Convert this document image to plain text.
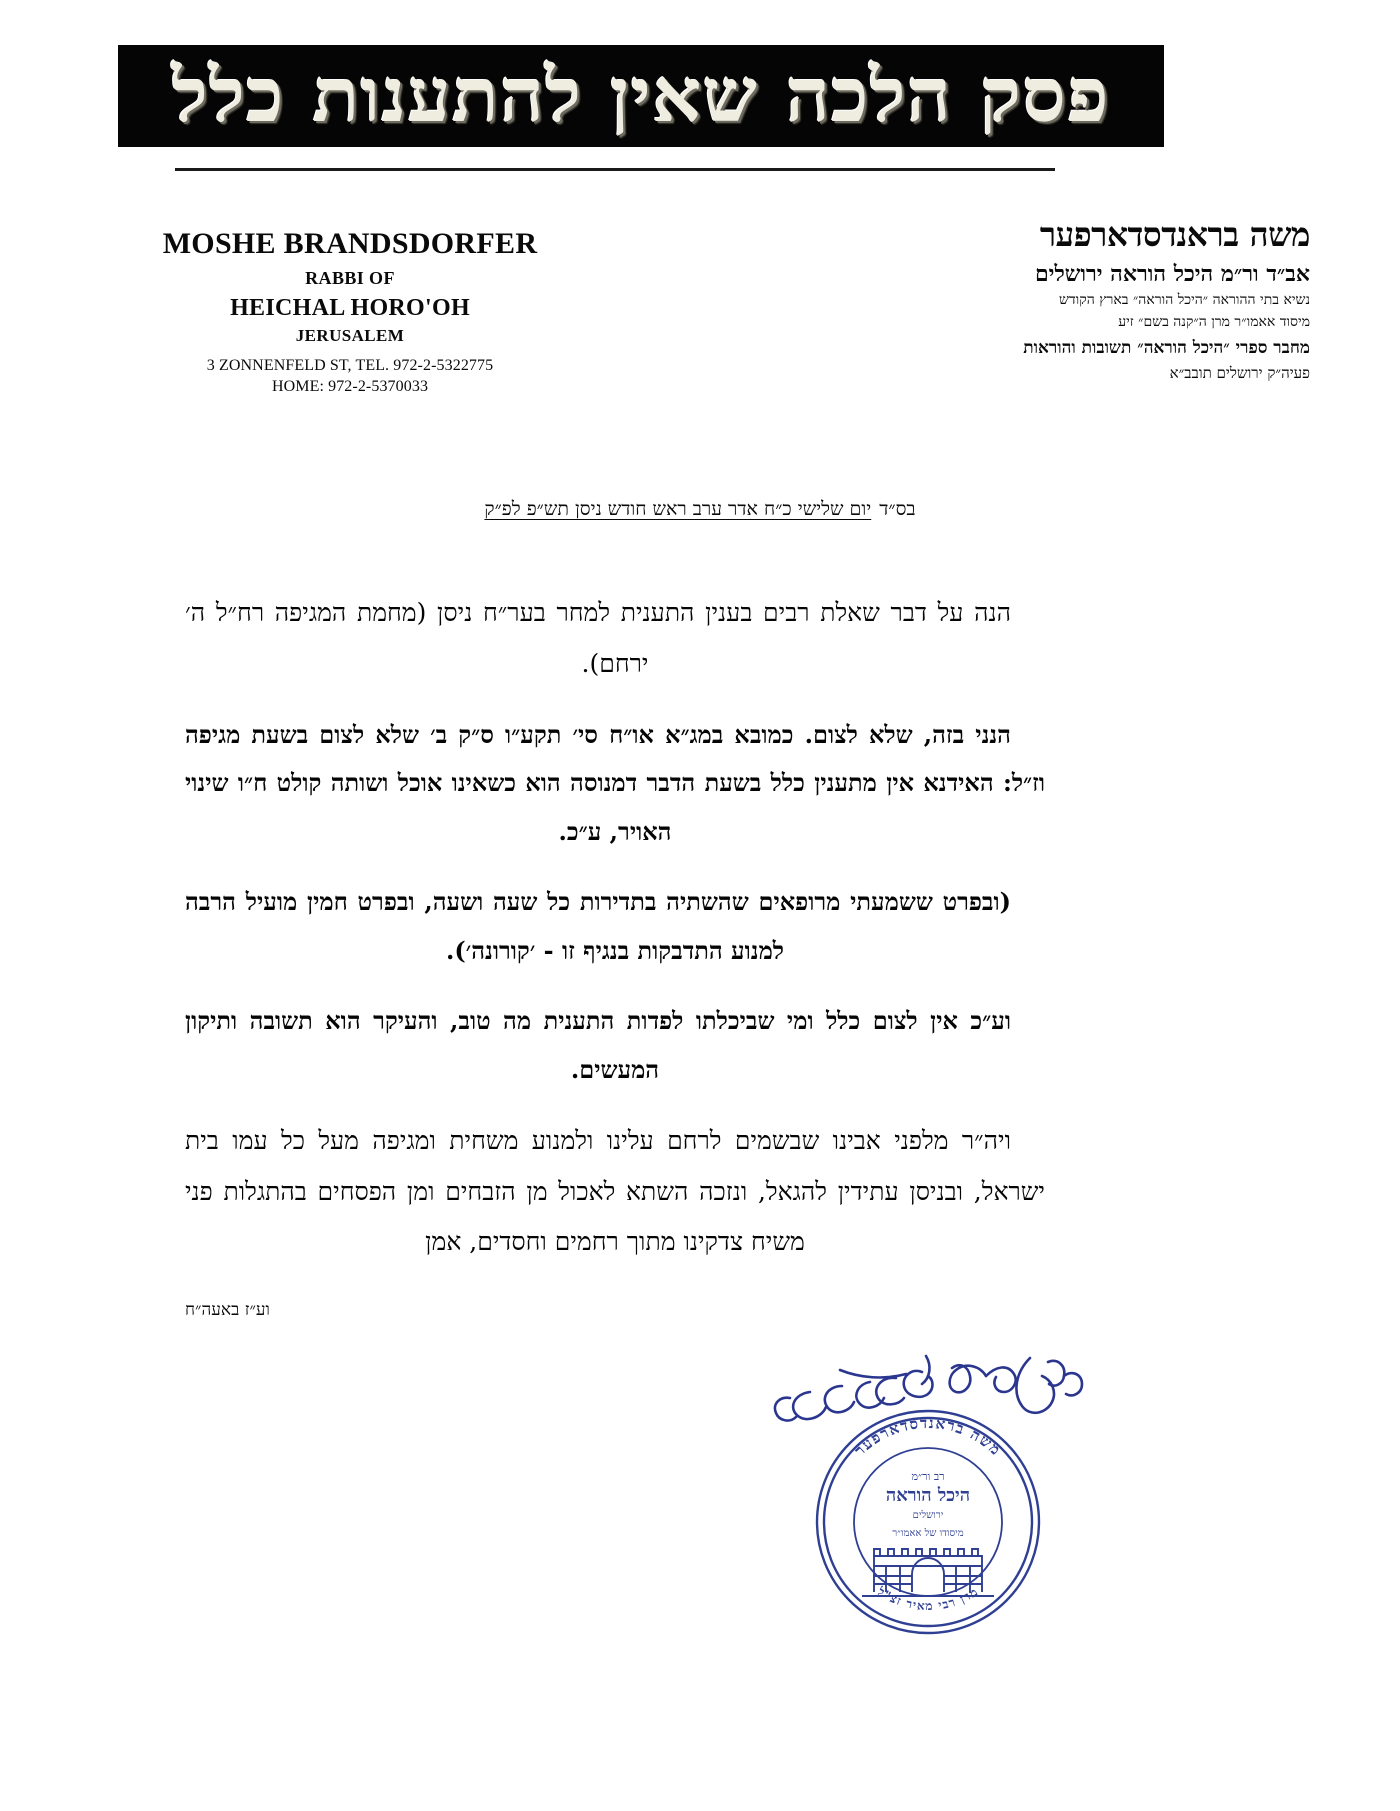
פסק הלכה שאין להתענות כלל
MOSHE BRANDSDORFER
RABBI OF
HEICHAL HORO'OH
JERUSALEM
3 ZONNENFELD ST, TEL. 972-2-5322775
HOME: 972-2-5370033
משה בראנדסדארפער
אב״ד ור״מ היכל הוראה ירושלים
נשיא בתי ההוראה ״היכל הוראה״ בארץ הקודש
מיסוד אאמו״ר מרן ה״קנה בשם״ זיע
מחבר ספרי ״היכל הוראה״ תשובות והוראות
פעיה״ק ירושלים תובב״א
בס״דיום שלישי כ״ח אדר ערב ראש חודש ניסן תש״פ לפ״ק

הנה על דבר שאלת רבים בענין התענית למחר בער״ח ניסן (מחמת המגיפה רח״ל ה׳ ירחם).

הנני בזה, שלא לצום. כמובא במג״א או״ח סי׳ תקע״ו ס״ק ב׳ שלא לצום בשעת מגיפה וז״ל: האידנא אין מתענין כלל בשעת הדבר דמנוסה הוא כשאינו אוכל ושותה קולט ח״ו שינוי האויר, ע״כ.

(ובפרט ששמעתי מרופאים שהשתיה בתדירות כל שעה ושעה, ובפרט חמין מועיל הרבה למנוע התדבקות בנגיף זו - ׳קורונה׳).

וע״כ אין לצום כלל ומי שביכלתו לפדות התענית מה טוב, והעיקר הוא תשובה ותיקון המעשים.

ויה״ר מלפני אבינו שבשמים לרחם עלינו ולמנוע משחית ומגיפה מעל כל עמו בית ישראל, ובניסן עתידין להגאל, ונזכה השתא לאכול מן הזבחים ומן הפסחים בהתגלות פני משיח צדקינו מתוך רחמים וחסדים, אמן

וע״ז באעה״ח
משה בראנדסדארפער
מרן רבי מאיר זצ"ל
רב ור״מ
היכל הוראה
ירושלים
מיסודו של אאמו״ר
